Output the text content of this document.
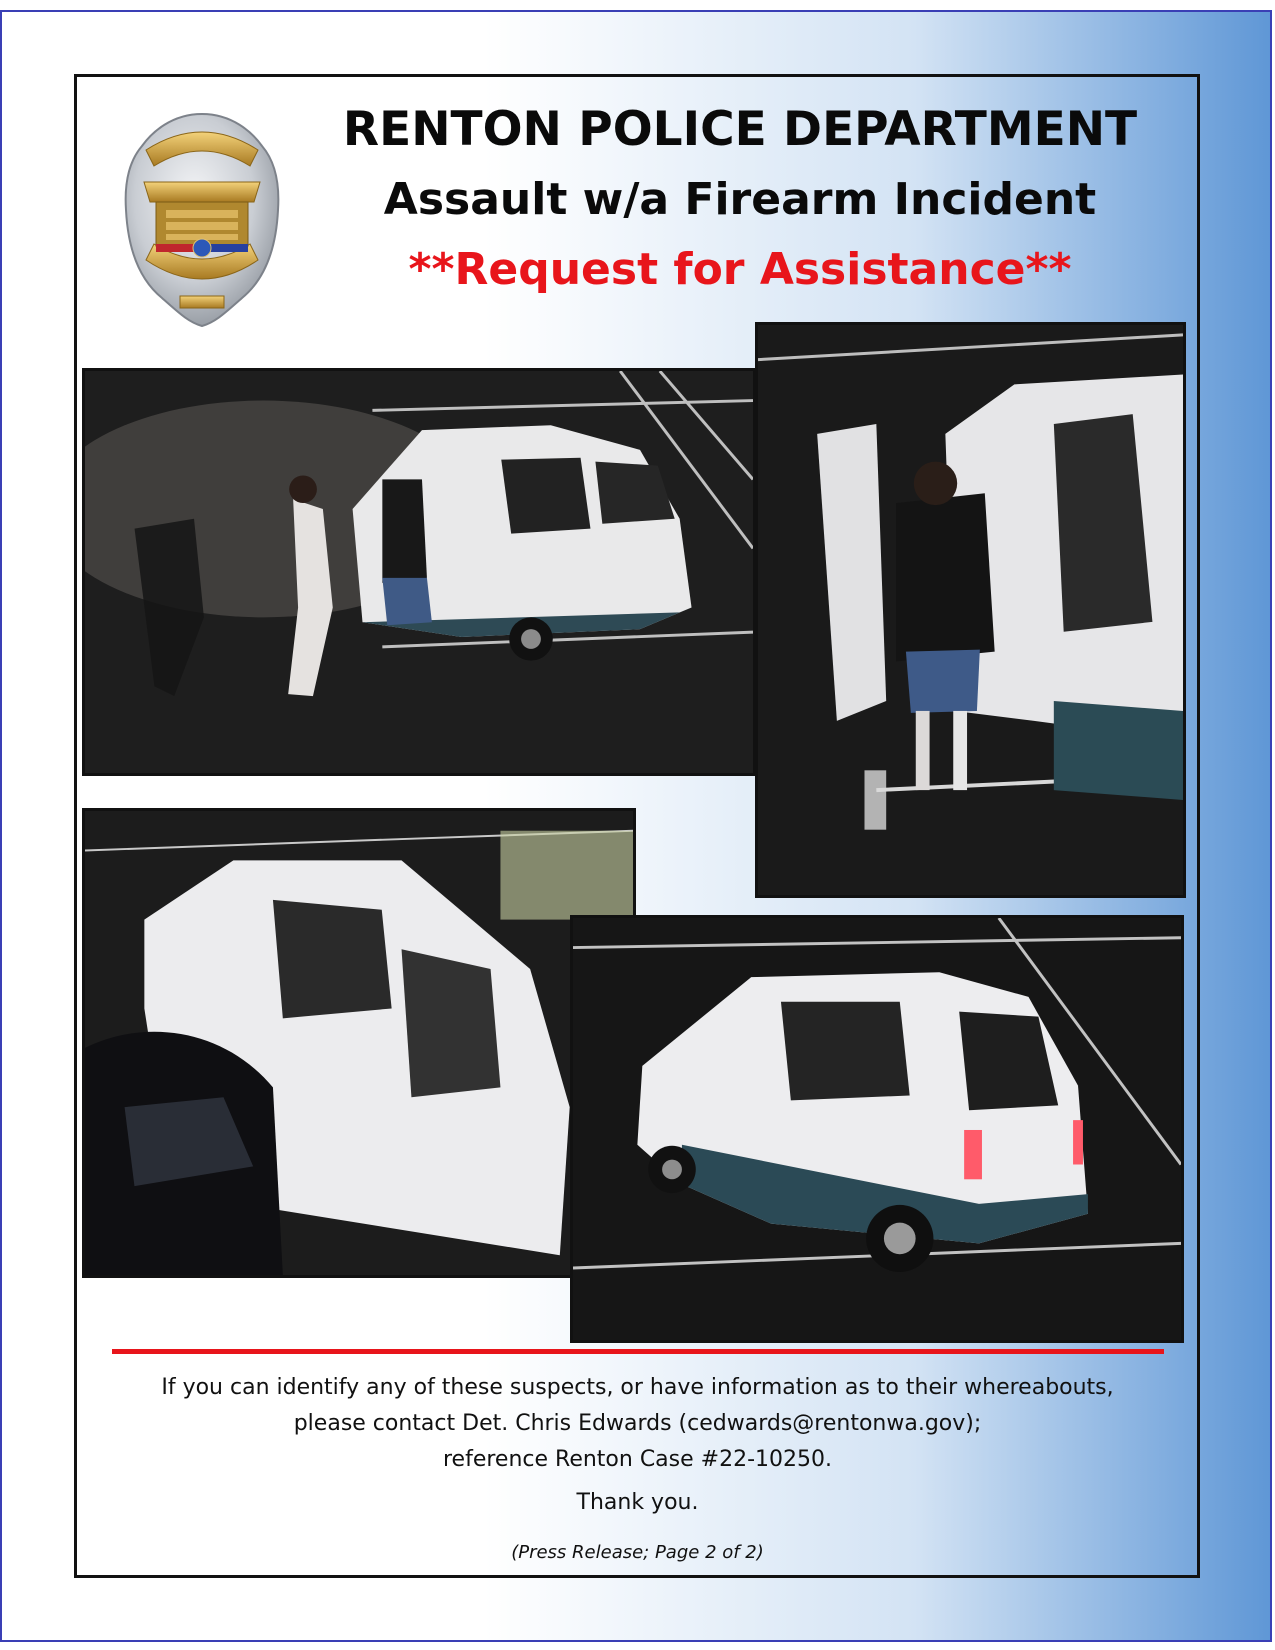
RENTON POLICE DEPARTMENT
Assault w/a Firearm Incident
**Request for Assistance**
If you can identify any of these suspects, or have information as to their whereabouts,
please contact Det. Chris Edwards (cedwards@rentonwa.gov);
reference Renton Case #22-10250.
Thank you.
(Press Release; Page 2 of 2)
